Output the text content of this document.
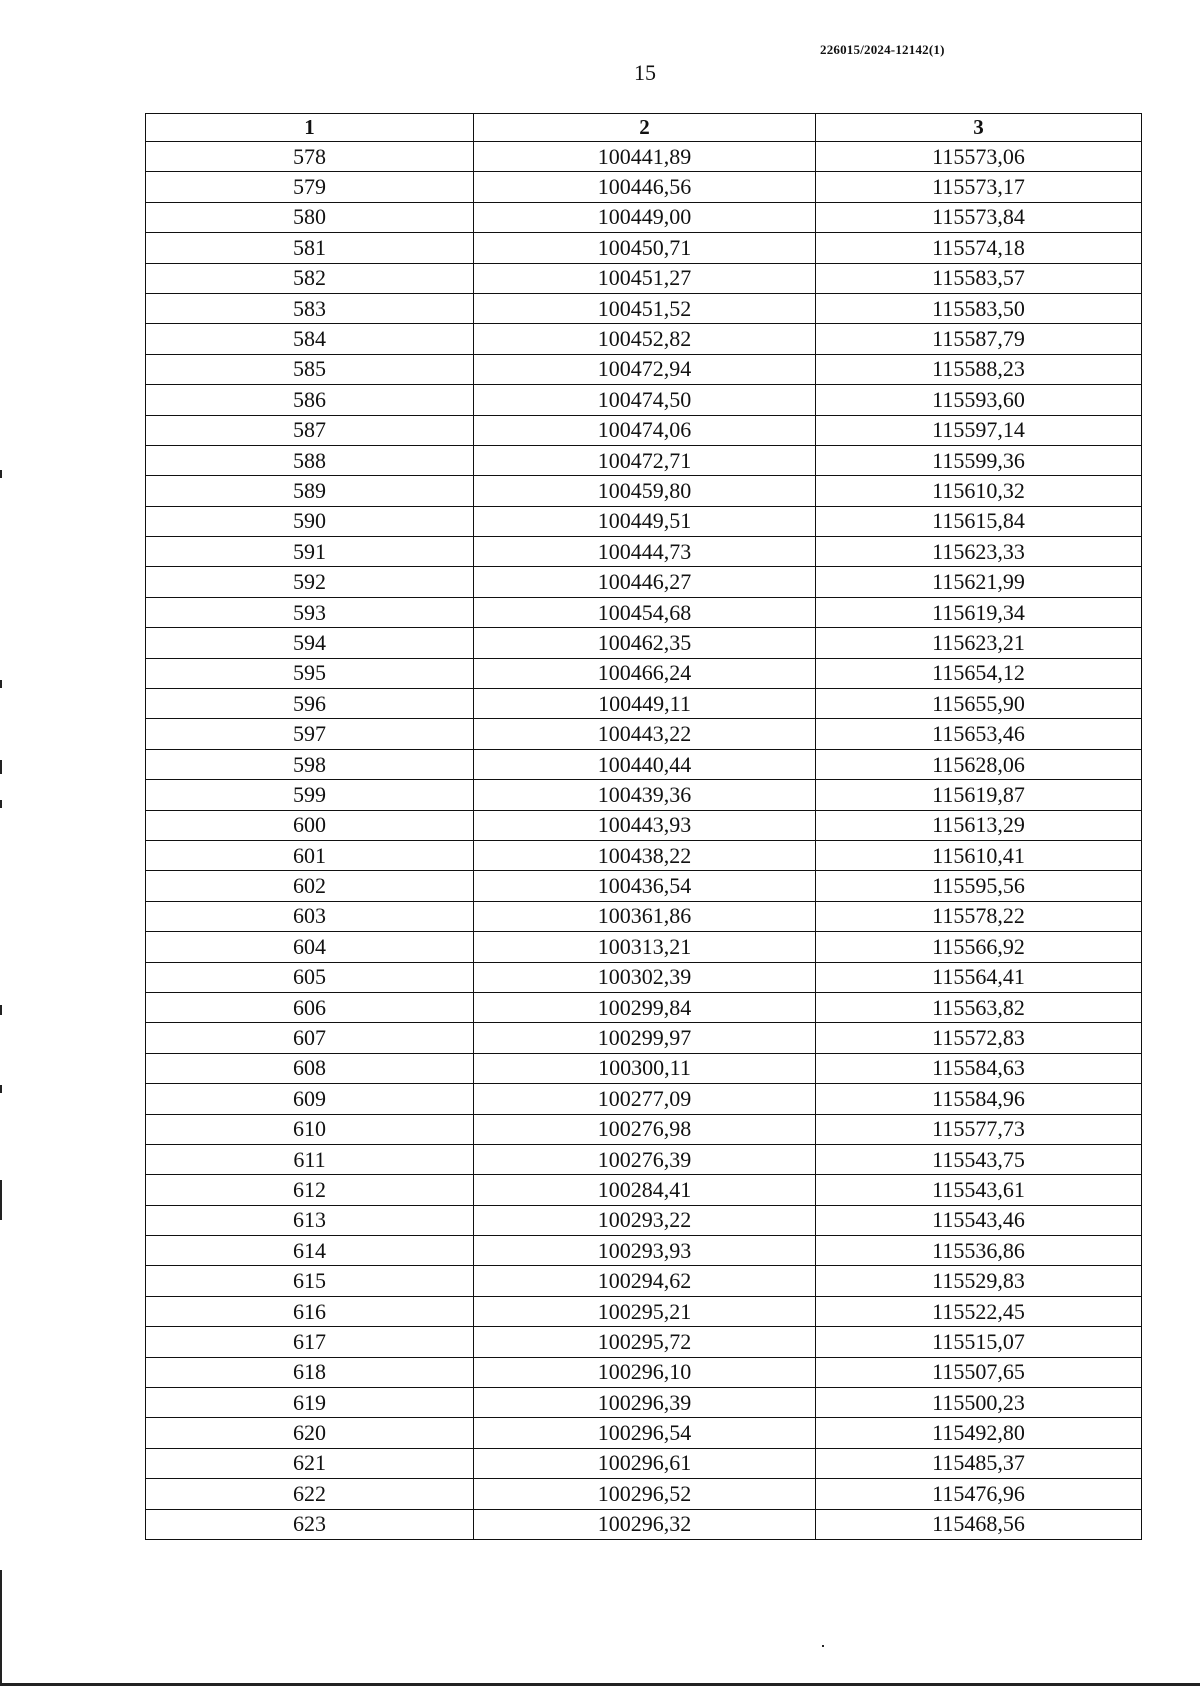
226015/2024-12142(1)
15
1	2	3
578	100441,89	115573,06
579	100446,56	115573,17
580	100449,00	115573,84
581	100450,71	115574,18
582	100451,27	115583,57
583	100451,52	115583,50
584	100452,82	115587,79
585	100472,94	115588,23
586	100474,50	115593,60
587	100474,06	115597,14
588	100472,71	115599,36
589	100459,80	115610,32
590	100449,51	115615,84
591	100444,73	115623,33
592	100446,27	115621,99
593	100454,68	115619,34
594	100462,35	115623,21
595	100466,24	115654,12
596	100449,11	115655,90
597	100443,22	115653,46
598	100440,44	115628,06
599	100439,36	115619,87
600	100443,93	115613,29
601	100438,22	115610,41
602	100436,54	115595,56
603	100361,86	115578,22
604	100313,21	115566,92
605	100302,39	115564,41
606	100299,84	115563,82
607	100299,97	115572,83
608	100300,11	115584,63
609	100277,09	115584,96
610	100276,98	115577,73
611	100276,39	115543,75
612	100284,41	115543,61
613	100293,22	115543,46
614	100293,93	115536,86
615	100294,62	115529,83
616	100295,21	115522,45
617	100295,72	115515,07
618	100296,10	115507,65
619	100296,39	115500,23
620	100296,54	115492,80
621	100296,61	115485,37
622	100296,52	115476,96
623	100296,32	115468,56
